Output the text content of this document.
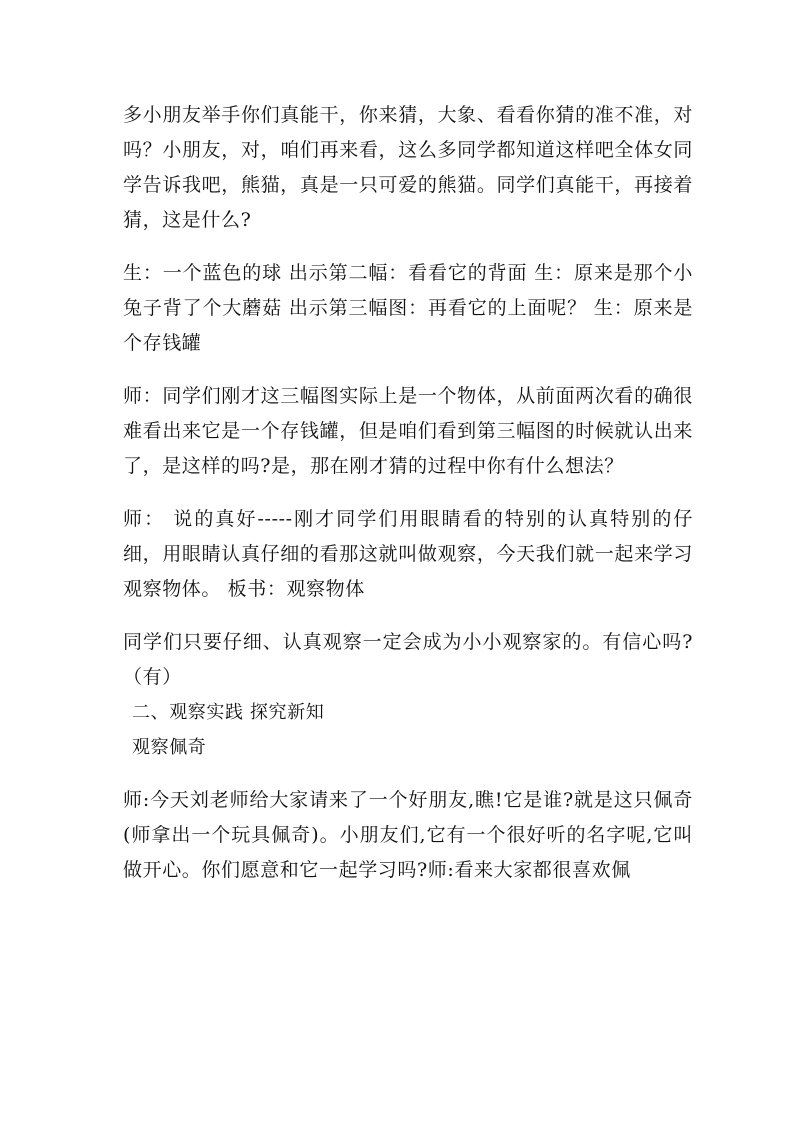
多小朋友举手你们真能干，你来猜，大象、看看你猜的准不准，对吗？小朋友，对，咱们再来看，这么多同学都知道这样吧全体女同学告诉我吧，熊猫，真是一只可爱的熊猫。同学们真能干，再接着猜，这是什么?

生：一个蓝色的球 出示第二幅：看看它的背面 生：原来是那个小兔子背了个大蘑菇 出示第三幅图：再看它的上面呢？ 生：原来是个存钱罐

师：同学们刚才这三幅图实际上是一个物体，从前面两次看的确很难看出来它是一个存钱罐，但是咱们看到第三幅图的时候就认出来了，是这样的吗?是，那在刚才猜的过程中你有什么想法？

师： 说的真好-----刚才同学们用眼睛看的特别的认真特别的仔细，用眼睛认真仔细的看那这就叫做观察，今天我们就一起来学习观察物体。 板书：观察物体

同学们只要仔细、认真观察一定会成为小小观察家的。有信心吗?（有）

二、观察实践 探究新知

观察佩奇

师:今天刘老师给大家请来了一个好朋友,瞧!它是谁?就是这只佩奇(师拿出一个玩具佩奇)。小朋友们,它有一个很好听的名字呢,它叫做开心。你们愿意和它一起学习吗?师:看来大家都很喜欢佩
